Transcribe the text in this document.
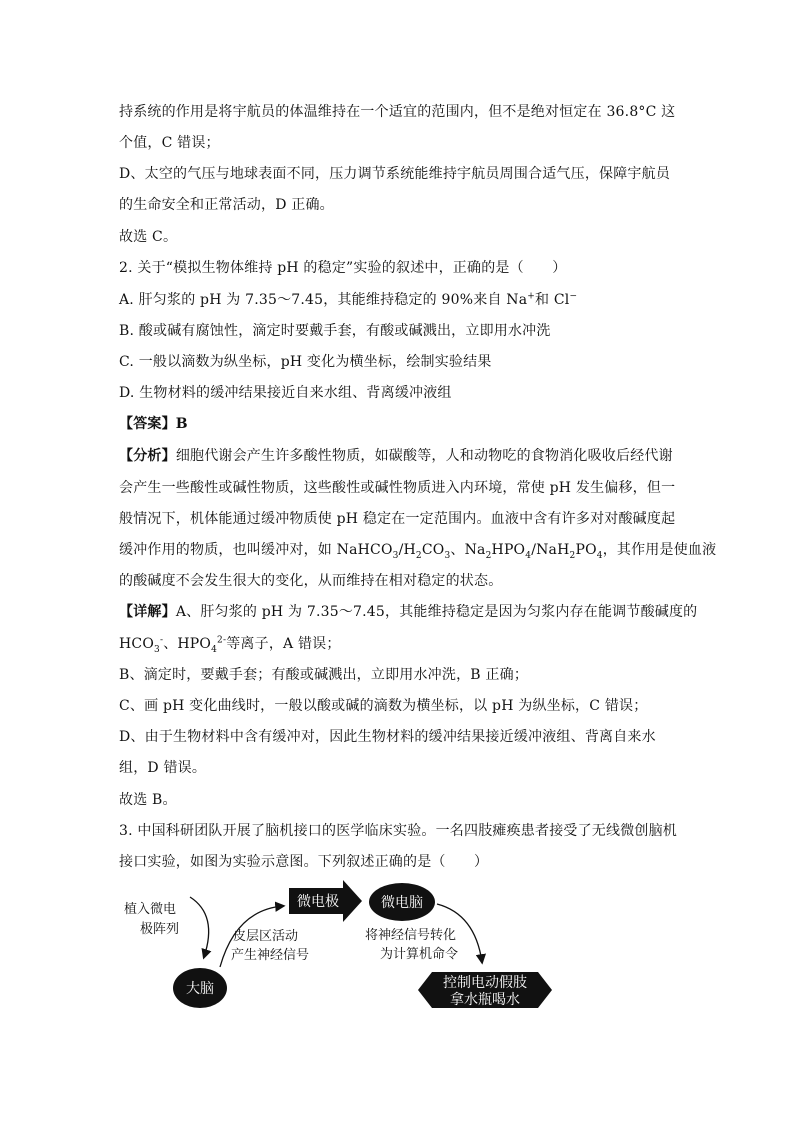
持系统的作用是将宇航员的体温维持在一个适宜的范围内，但不是绝对恒定在 36.8°C 这
个值，C 错误；
D、太空的气压与地球表面不同，压力调节系统能维持宇航员周围合适气压，保障宇航员
的生命安全和正常活动，D 正确。
故选 C。
2. 关于“模拟生物体维持 pH 的稳定”实验的叙述中，正确的是（　　）
A. 肝匀浆的 pH 为 7.35～7.45，其能维持稳定的 90%来自 Na+和 Cl−
B. 酸或碱有腐蚀性，滴定时要戴手套，有酸或碱溅出，立即用水冲洗
C. 一般以滴数为纵坐标，pH 变化为横坐标，绘制实验结果
D. 生物材料的缓冲结果接近自来水组、背离缓冲液组
【答案】B
【分析】细胞代谢会产生许多酸性物质，如碳酸等，人和动物吃的食物消化吸收后经代谢
会产生一些酸性或碱性物质，这些酸性或碱性物质进入内环境，常使 pH 发生偏移，但一
般情况下，机体能通过缓冲物质使 pH 稳定在一定范围内。血液中含有许多对对酸碱度起
缓冲作用的物质，也叫缓冲对，如 $NaHCO_3/H_2CO_3$、$Na_2HPO_4/NaH_2PO_4$，其作用是使血液
的酸碱度不会发生很大的变化，从而维持在相对稳定的状态。
【详解】A、肝匀浆的 pH 为 7.35～7.45，其能维持稳定是因为匀浆内存在能调节酸碱度的
$HCO_3^-$、$HPO_4^{2-}$等离子，A 错误；
B、滴定时，要戴手套；有酸或碱溅出，立即用水冲洗，B 正确；
C、画 pH 变化曲线时，一般以酸或碱的滴数为横坐标，以 pH 为纵坐标，C 错误；
D、由于生物材料中含有缓冲对，因此生物材料的缓冲结果接近缓冲液组、背离自来水
组，D 错误。
故选 B。
3. 中国科研团队开展了脑机接口的医学临床实验。一名四肢瘫痪患者接受了无线微创脑机
接口实验，如图为实验示意图。下列叙述正确的是（　　）
植入微电
极阵列
大脑
皮层区活动
产生神经信号
微电极	微电脑
将神经信号转化
为计算机命令
控制电动假肢
拿水瓶喝水
